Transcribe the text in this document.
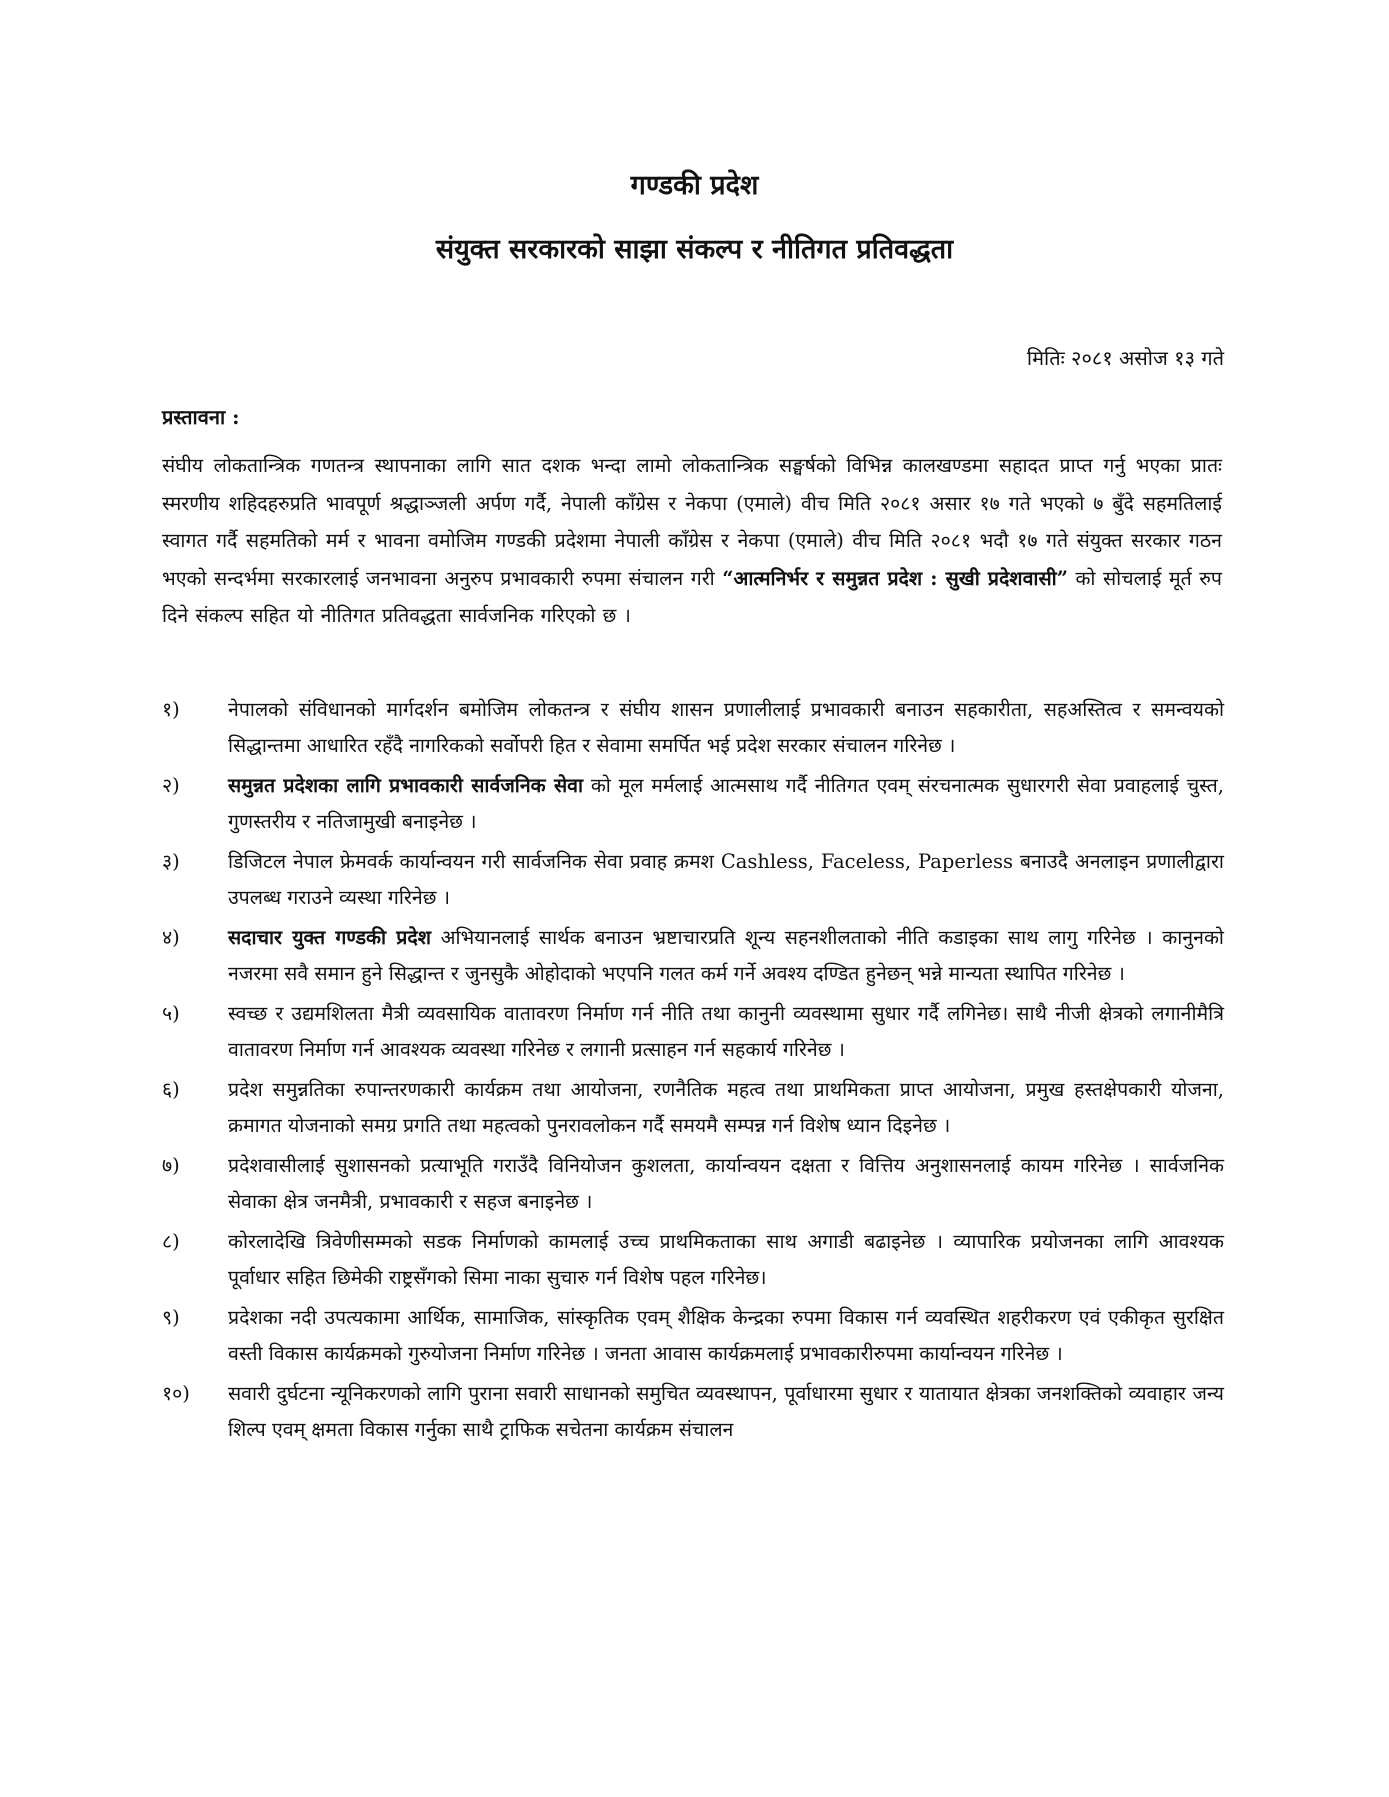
गण्डकी प्रदेश
संयुक्त सरकारको साझा संकल्प र नीतिगत प्रतिवद्धता
मितिः २०८१ असोज १३ गते
प्रस्तावना :
संघीय लोकतान्त्रिक गणतन्त्र स्थापनाका लागि सात दशक भन्दा लामो लोकतान्त्रिक सङ्घर्षको विभिन्न कालखण्डमा सहादत प्राप्त गर्नु भएका प्रातः स्मरणीय शहिदहरुप्रति भावपूर्ण श्रद्धाञ्जली अर्पण गर्दै, नेपाली काँग्रेस र नेकपा (एमाले) वीच मिति २०८१ असार १७ गते भएको ७ बुँदे सहमतिलाई स्वागत गर्दै सहमतिको मर्म र भावना वमोजिम गण्डकी प्रदेशमा नेपाली काँग्रेस र नेकपा (एमाले) वीच मिति २०८१ भदौ १७ गते संयुक्त सरकार गठन भएको सन्दर्भमा सरकारलाई जनभावना अनुरुप प्रभावकारी रुपमा संचालन गरी “आत्मनिर्भर र समुन्नत प्रदेश : सुखी प्रदेशवासी” को सोचलाई मूर्त रुप दिने संकल्प सहित यो नीतिगत प्रतिवद्धता सार्वजनिक गरिएको छ ।
१)	नेपालको संविधानको मार्गदर्शन बमोजिम लोकतन्त्र र संघीय शासन प्रणालीलाई प्रभावकारी बनाउन सहकारीता, सहअस्तित्व र समन्वयको सिद्धान्तमा आधारित रहँदै नागरिकको सर्वोपरी हित र सेवामा समर्पित भई प्रदेश सरकार संचालन गरिनेछ ।
२)	समुन्नत प्रदेशका लागि प्रभावकारी सार्वजनिक सेवा को मूल मर्मलाई आत्मसाथ गर्दै नीतिगत एवम् संरचनात्मक सुधारगरी सेवा प्रवाहलाई चुस्त, गुणस्तरीय र नतिजामुखी बनाइनेछ ।
३)	डिजिटल नेपाल फ्रेमवर्क कार्यान्वयन गरी सार्वजनिक सेवा प्रवाह क्रमश Cashless, Faceless, Paperless बनाउदै अनलाइन प्रणालीद्वारा उपलब्ध गराउने व्यस्था गरिनेछ ।
४)	सदाचार युक्त गण्डकी प्रदेश अभियानलाई सार्थक बनाउन भ्रष्टाचारप्रति शून्य सहनशीलताको नीति कडाइका साथ लागु गरिनेछ । कानुनको नजरमा सवै समान हुने सिद्धान्त र जुनसुकै ओहोदाको भएपनि गलत कर्म गर्ने अवश्य दण्डित हुनेछन् भन्ने मान्यता स्थापित गरिनेछ ।
५)	स्वच्छ र उद्यमशिलता मैत्री व्यवसायिक वातावरण निर्माण गर्न नीति तथा कानुनी व्यवस्थामा सुधार गर्दै लगिनेछ। साथै नीजी क्षेत्रको लगानीमैत्रि वातावरण निर्माण गर्न आवश्यक व्यवस्था गरिनेछ र लगानी प्रत्साहन गर्न सहकार्य गरिनेछ ।
६)	प्रदेश समुन्नतिका रुपान्तरणकारी कार्यक्रम तथा आयोजना, रणनैतिक महत्व तथा प्राथमिकता प्राप्त आयोजना, प्रमुख हस्तक्षेपकारी योजना, क्रमागत योजनाको समग्र प्रगति तथा महत्वको पुनरावलोकन गर्दै समयमै सम्पन्न गर्न विशेष ध्यान दिइनेछ ।
७)	प्रदेशवासीलाई सुशासनको प्रत्याभूति गराउँदै विनियोजन कुशलता, कार्यान्वयन दक्षता र वित्तिय अनुशासनलाई कायम गरिनेछ । सार्वजनिक सेवाका क्षेत्र जनमैत्री, प्रभावकारी र सहज बनाइनेछ ।
८)	कोरलादेखि त्रिवेणीसम्मको सडक निर्माणको कामलाई उच्च प्राथमिकताका साथ अगाडी बढाइनेछ । व्यापारिक प्रयोजनका लागि आवश्यक पूर्वाधार सहित छिमेकी राष्ट्रसँगको सिमा नाका सुचारु गर्न विशेष पहल गरिनेछ।
९)	प्रदेशका नदी उपत्यकामा आर्थिक, सामाजिक, सांस्कृतिक एवम् शैक्षिक केन्द्रका रुपमा विकास गर्न व्यवस्थित शहरीकरण एवं एकीकृत सुरक्षित वस्ती विकास कार्यक्रमको गुरुयोजना निर्माण गरिनेछ । जनता आवास कार्यक्रमलाई प्रभावकारीरुपमा कार्यान्वयन गरिनेछ ।
१०)	सवारी दुर्घटना न्यूनिकरणको लागि पुराना सवारी साधानको समुचित व्यवस्थापन, पूर्वाधारमा सुधार र यातायात क्षेत्रका जनशक्तिको व्यवाहार जन्य शिल्प एवम् क्षमता विकास गर्नुका साथै ट्राफिक सचेतना कार्यक्रम संचालन
